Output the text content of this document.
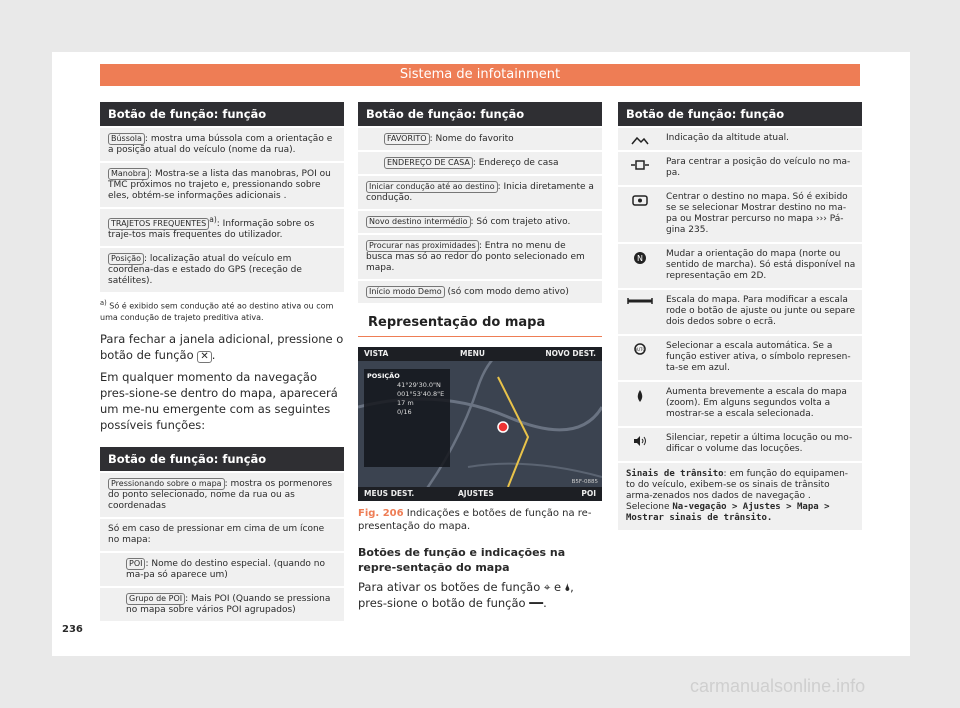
Sistema de infotainment
Botão de função: função
Bússola : mostra uma bússola com a orientação e a posição atual do veículo (nome da rua).
Manobra : Mostra-se a lista das manobras, POI ou TMC próximos no trajeto e, pressionando sobre eles, obtém-se informações adicionais .
TRAJETOS FREQUENTES $^{a)}$: Informação sobre os traje-tos mais frequentes do utilizador.
Posição : localização atual do veículo em coordena-das e estado do GPS (receção de satélites).
$^{a)}$ Só é exibido sem condução até ao destino ativa ou com uma condução de trajeto preditiva ativa.
Para fechar a janela adicional, pressione o botão de função ✕ .
Em qualquer momento da navegação pres-sione-se dentro do mapa, aparecerá um me-nu emergente com as seguintes possíveis funções:
Botão de função: função
Pressionando sobre o mapa : mostra os pormenores do ponto selecionado, nome da rua ou as coordenadas
Só em caso de pressionar em cima de um ícone no mapa:
POI : Nome do destino especial. (quando no ma-pa só aparece um)
Grupo de POI : Mais POI (Quando se pressiona no mapa sobre vários POI agrupados)
Botão de função: função
FAVORITO : Nome do favorito
ENDEREÇO DE CASA : Endereço de casa
Iniciar condução até ao destino : Inicia diretamente a condução.
Novo destino intermédio : Só com trajeto ativo.
Procurar nas proximidades : Entra no menu de busca mas só ao redor do ponto selecionado em mapa.
Início modo Demo (só com modo demo ativo)
Representação do mapa
VISTA	MENU	NOVO DEST.
POSIÇÃO
41°29'30.0"N
001°53'40.8"E
17 m
0/16
MEUS DEST.	AJUSTES	POI
B5F-0885
Fig. 206 Indicações e botões de função na re-presentação do mapa.
Botões de função e indicações na repre-sentação do mapa
Para ativar os botões de função ⌖ e 🌢, pres-sione o botão de função ━━.
Botão de função: função
Indicação da altitude atual.
Para centrar a posição do veículo no ma-pa.
Centrar o destino no mapa. Só é exibido se se selecionar Mostrar destino no ma-pa ou Mostrar percurso no mapa ››› Pá-gina 235.
N	Mudar a orientação do mapa (norte ou sentido de marcha). Só está disponível na representação em 2D.
Escala do mapa. Para modificar a escala rode o botão de ajuste ou junte ou separe dois dedos sobre o ecrã.
AUTO	Selecionar a escala automática. Se a função estiver ativa, o símbolo represen-ta-se em azul.
Aumenta brevemente a escala do mapa (zoom). Em alguns segundos volta a mostrar-se a escala selecionada.
Silenciar, repetir a última locução ou mo-dificar o volume das locuções.
Sinais de trânsito: em função do equipamen-to do veículo, exibem-se os sinais de trânsito arma-zenados nos dados de navegação . Selecione Na-vegação > Ajustes > Mapa > Mostrar sinais de trânsito.
236
carmanualsonline.info
